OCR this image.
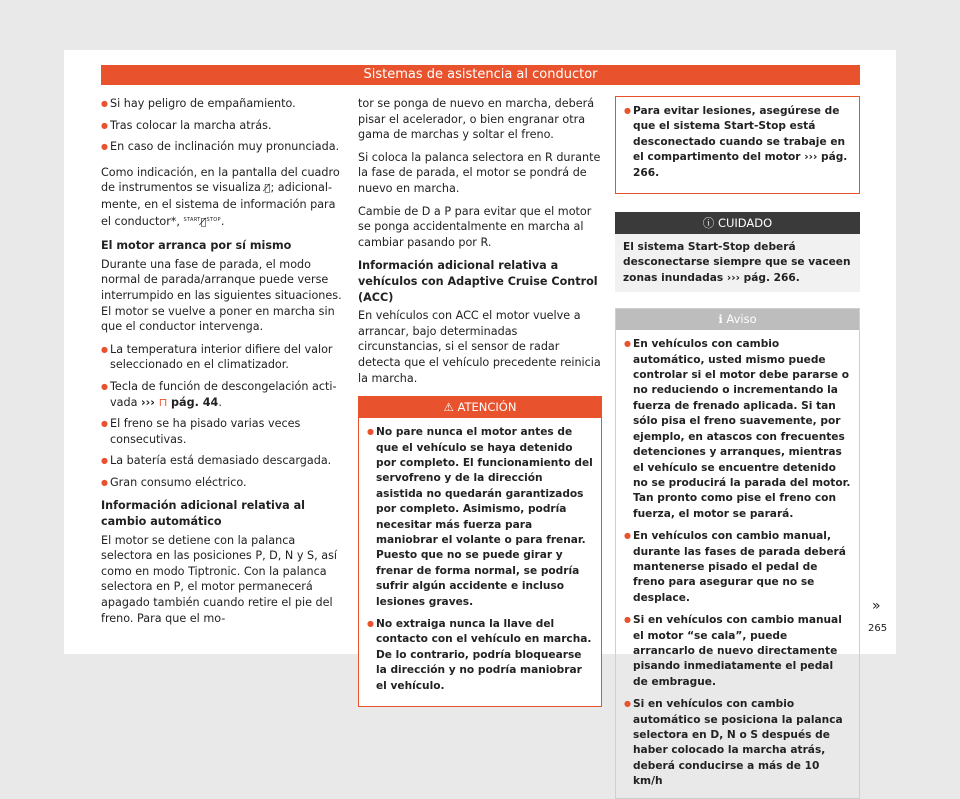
Sistemas de asistencia al conductor

● Si hay peligro de empañamiento.

● Tras colocar la marcha atrás.

● En caso de inclinación muy pronunciada.

Como indicación, en la pantalla del cuadro de instrumentos se visualiza Ⓐ̸; adicionalmente, en el sistema de información para el conductor*, $^{START}$Ⓐ̸$^{STOP}$.

El motor arranca por sí mismo

Durante una fase de parada, el modo normal de parada/arranque puede verse interrumpido en las siguientes situaciones. El motor se vuelve a poner en marcha sin que el conductor intervenga.

● La temperatura interior difiere del valor seleccionado en el climatizador.

● Tecla de función de descongelación activada ››› ⊓ pág. 44.

● El freno se ha pisado varias veces consecutivas.

● La batería está demasiado descargada.

● Gran consumo eléctrico.

Información adicional relativa al cambio automático

El motor se detiene con la palanca selectora en las posiciones P, D, N y S, así como en modo Tiptronic. Con la palanca selectora en P, el motor permanecerá apagado también cuando retire el pie del freno. Para que el mo-

tor se ponga de nuevo en marcha, deberá pisar el acelerador, o bien engranar otra gama de marchas y soltar el freno.

Si coloca la palanca selectora en R durante la fase de parada, el motor se pondrá de nuevo en marcha.

Cambie de D a P para evitar que el motor se ponga accidentalmente en marcha al cambiar pasando por R.

Información adicional relativa a vehículos con Adaptive Cruise Control (ACC)

En vehículos con ACC el motor vuelve a arrancar, bajo determinadas circunstancias, si el sensor de radar detecta que el vehículo precedente reinicia la marcha.

⚠ ATENCIÓN

● No pare nunca el motor antes de que el vehículo se haya detenido por completo. El funcionamiento del servofreno y de la dirección asistida no quedarán garantizados por completo. Asimismo, podría necesitar más fuerza para maniobrar el volante o para frenar. Puesto que no se puede girar y frenar de forma normal, se podría sufrir algún accidente e incluso lesiones graves.

● No extraiga nunca la llave del contacto con el vehículo en marcha. De lo contrario, podría bloquearse la dirección y no podría maniobrar el vehículo.

● Para evitar lesiones, asegúrese de que el sistema Start-Stop está desconectado cuando se trabaje en el compartimento del motor ››› pág. 266.

ⓘ CUIDADO
El sistema Start-Stop deberá desconectarse siempre que se vaceen zonas inundadas ››› pág. 266.
ℹ Aviso

● En vehículos con cambio automático, usted mismo puede controlar si el motor debe pararse o no reduciendo o incrementando la fuerza de frenado aplicada. Si tan sólo pisa el freno suavemente, por ejemplo, en atascos con frecuentes detenciones y arranques, mientras el vehículo se encuentre detenido no se producirá la parada del motor. Tan pronto como pise el freno con fuerza, el motor se parará.

● En vehículos con cambio manual, durante las fases de parada deberá mantenerse pisado el pedal de freno para asegurar que no se desplace.

● Si en vehículos con cambio manual el motor “se cala”, puede arrancarlo de nuevo directamente pisando inmediatamente el pedal de embrague.

● Si en vehículos con cambio automático se posiciona la palanca selectora en D, N o S después de haber colocado la marcha atrás, deberá conducirse a más de 10 km/h

»
265
